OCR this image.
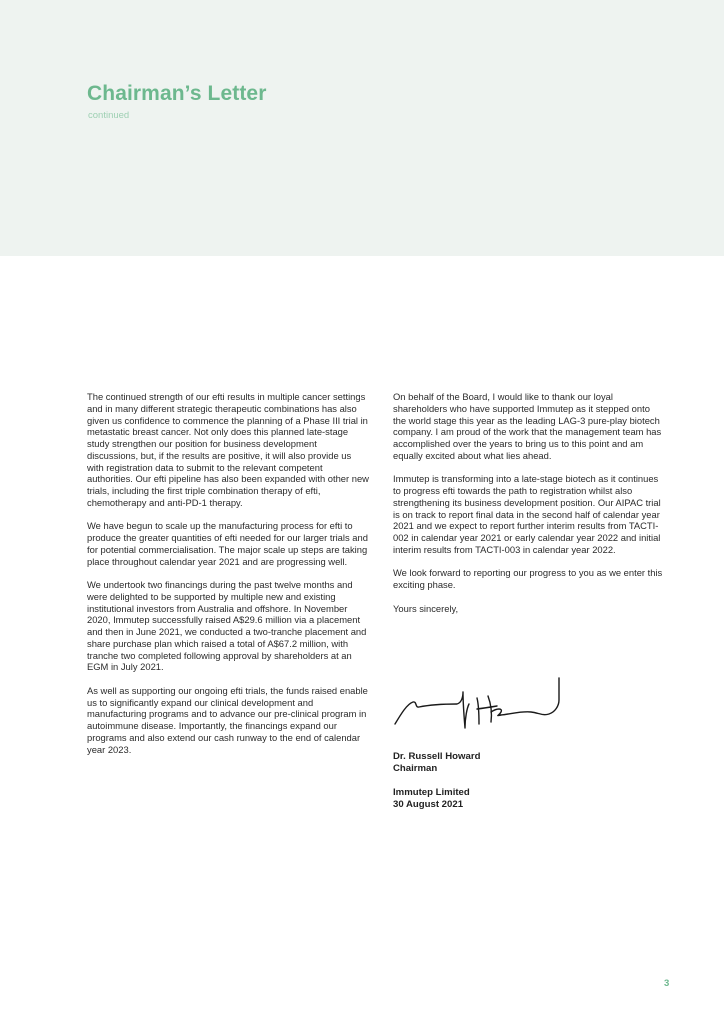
Chairman’s Letter
continued

The continued strength of our efti results in multiple cancer settings and in many different strategic therapeutic combinations has also given us confidence to commence the planning of a Phase III trial in metastatic breast cancer. Not only does this planned late-stage study strengthen our position for business development discussions, but, if the results are positive, it will also provide us with registration data to submit to the relevant competent authorities. Our efti pipeline has also been expanded with other new trials, including the first triple combination therapy of efti, chemotherapy and anti-PD-1 therapy.

We have begun to scale up the manufacturing process for efti to produce the greater quantities of efti needed for our larger trials and for potential commercialisation. The major scale up steps are taking place throughout calendar year 2021 and are progressing well.

We undertook two financings during the past twelve months and were delighted to be supported by multiple new and existing institutional investors from Australia and offshore. In November 2020, Immutep successfully raised A$29.6 million via a placement and then in June 2021, we conducted a two-tranche placement and share purchase plan which raised a total of A$67.2 million, with tranche two completed following approval by shareholders at an EGM in July 2021.

As well as supporting our ongoing efti trials, the funds raised enable us to significantly expand our clinical development and manufacturing programs and to advance our pre-clinical program in autoimmune disease. Importantly, the financings expand our programs and also extend our cash runway to the end of calendar year 2023.

On behalf of the Board, I would like to thank our loyal shareholders who have supported Immutep as it stepped onto the world stage this year as the leading LAG-3 pure-play biotech company. I am proud of the work that the management team has accomplished over the years to bring us to this point and am equally excited about what lies ahead.

Immutep is transforming into a late-stage biotech as it continues to progress efti towards the path to registration whilst also strengthening its business development position. Our AIPAC trial is on track to report final data in the second half of calendar year 2021 and we expect to report further interim results from TACTI-002 in calendar year 2021 or early calendar year 2022 and initial interim results from TACTI-003 in calendar year 2022.

We look forward to reporting our progress to you as we enter this exciting phase.

Yours sincerely,

Dr. Russell Howard
Chairman
Immutep Limited
30 August 2021
3
